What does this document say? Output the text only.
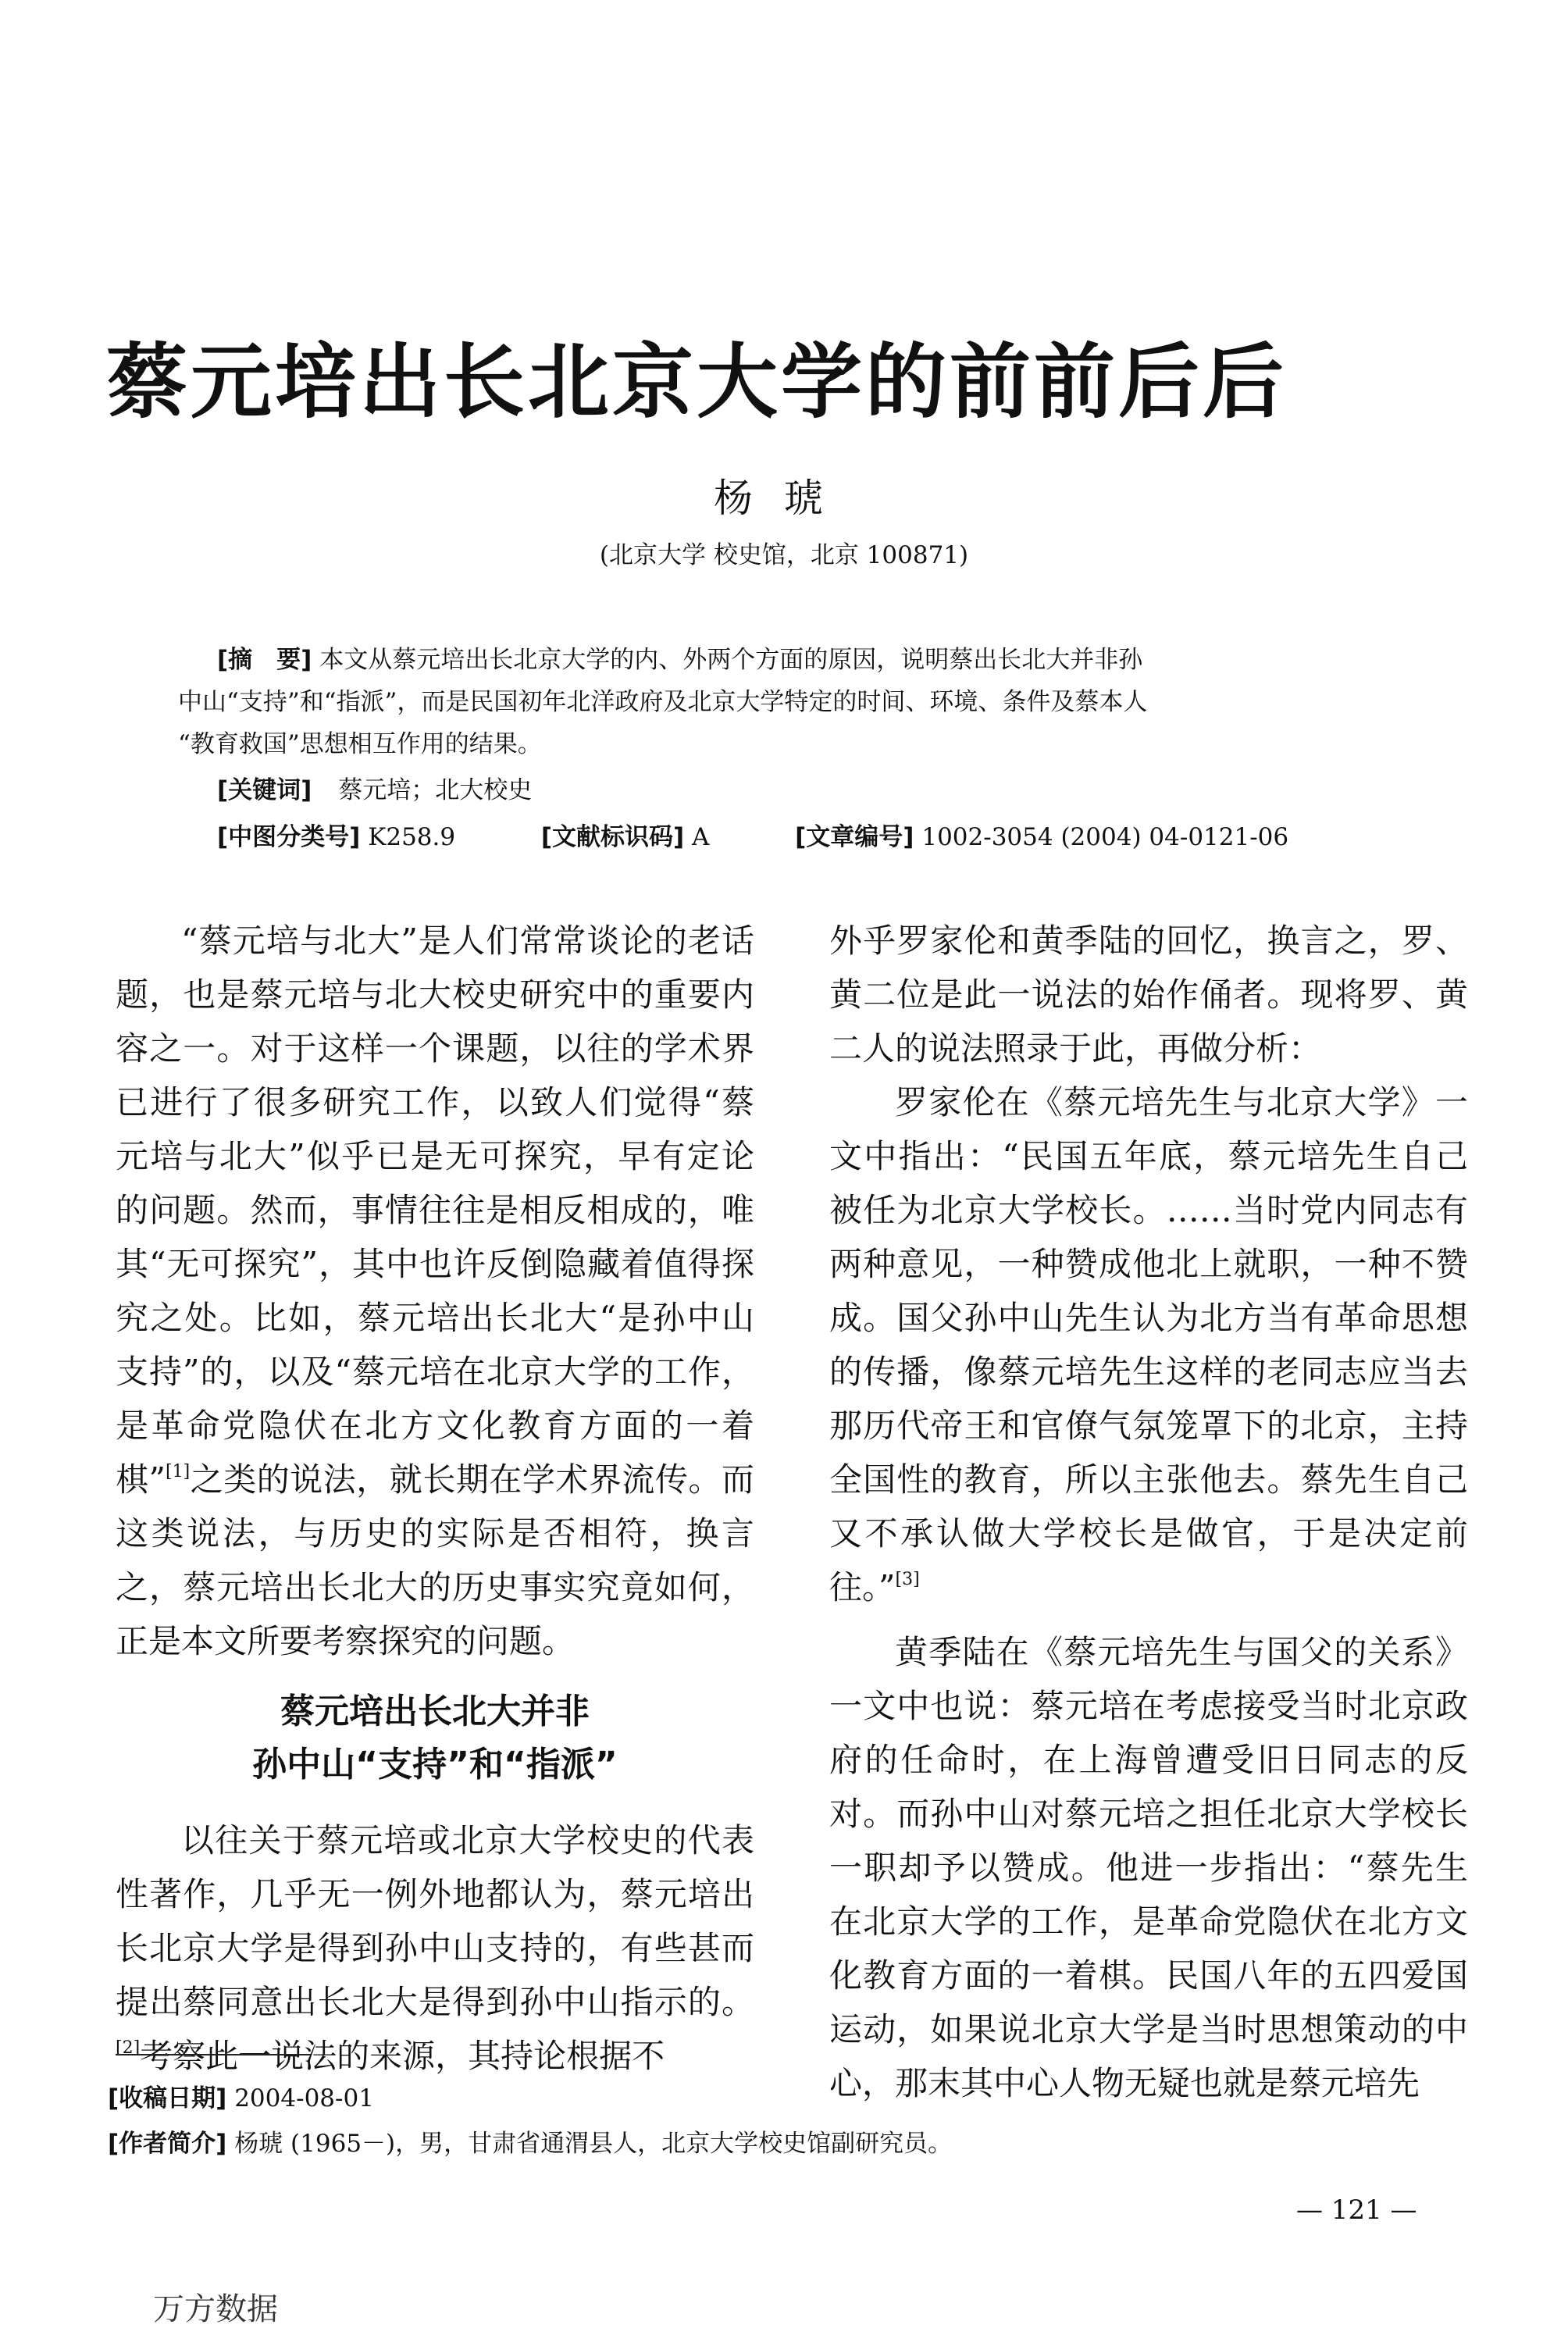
蔡元培出长北京大学的前前后后
杨琥
(北京大学 校史馆，北京 100871)

[摘　要] 本文从蔡元培出长北京大学的内、外两个方面的原因，说明蔡出长北大并非孙

中山“支持”和“指派”，而是民国初年北洋政府及北京大学特定的时间、环境、条件及蔡本人

“教育救国”思想相互作用的结果。

[关键词] 蔡元培；北大校史
[中图分类号] K258.9	[文献标识码] A	[文章编号] 1002-3054 (2004) 04-0121-06

“蔡元培与北大”是人们常常谈论的老话题，也是蔡元培与北大校史研究中的重要内容之一。对于这样一个课题，以往的学术界已进行了很多研究工作，以致人们觉得“蔡元培与北大”似乎已是无可探究，早有定论的问题。然而，事情往往是相反相成的，唯其“无可探究”，其中也许反倒隐藏着值得探究之处。比如，蔡元培出长北大“是孙中山支持”的，以及“蔡元培在北京大学的工作，是革命党隐伏在北方文化教育方面的一着棋”[1]之类的说法，就长期在学术界流传。而这类说法，与历史的实际是否相符，换言之，蔡元培出长北大的历史事实究竟如何，正是本文所要考察探究的问题。

蔡元培出长北大并非
孙中山“支持”和“指派”

以往关于蔡元培或北京大学校史的代表性著作，几乎无一例外地都认为，蔡元培出长北京大学是得到孙中山支持的，有些甚而提出蔡同意出长北大是得到孙中山指示的。[2]考察此一说法的来源，其持论根据不

外乎罗家伦和黄季陆的回忆，换言之，罗、黄二位是此一说法的始作俑者。现将罗、黄二人的说法照录于此，再做分析：

罗家伦在《蔡元培先生与北京大学》一文中指出：“民国五年底，蔡元培先生自己被任为北京大学校长。……当时党内同志有两种意见，一种赞成他北上就职，一种不赞成。国父孙中山先生认为北方当有革命思想的传播，像蔡元培先生这样的老同志应当去那历代帝王和官僚气氛笼罩下的北京，主持全国性的教育，所以主张他去。蔡先生自己又不承认做大学校长是做官，于是决定前往。”[3]

黄季陆在《蔡元培先生与国父的关系》一文中也说：蔡元培在考虑接受当时北京政府的任命时，在上海曾遭受旧日同志的反对。而孙中山对蔡元培之担任北京大学校长一职却予以赞成。他进一步指出：“蔡先生在北京大学的工作，是革命党隐伏在北方文化教育方面的一着棋。民国八年的五四爱国运动，如果说北京大学是当时思想策动的中心，那末其中心人物无疑也就是蔡元培先

[收稿日期] 2004-08-01
[作者简介] 杨琥 (1965－)，男，甘肃省通渭县人，北京大学校史馆副研究员。
— 121 —
万方数据
